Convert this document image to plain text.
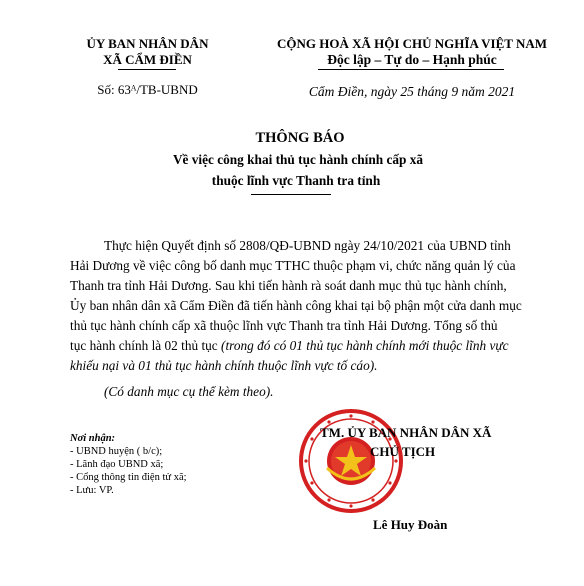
ỦY BAN NHÂN DÂN
XÃ CẨM ĐIỀN
Số: 63ᴬ/TB-UBND
CỘNG HOÀ XÃ HỘI CHỦ NGHĨA VIỆT NAM
Độc lập – Tự do – Hạnh phúc
Cẩm Điền, ngày 25 tháng 9 năm 2021
THÔNG BÁO
Về việc công khai thủ tục hành chính cấp xã
thuộc lĩnh vực Thanh tra tỉnh
Thực hiện Quyết định số 2808/QĐ-UBND ngày 24/10/2021 của UBND tỉnh
Hải Dương về việc công bố danh mục TTHC thuộc phạm vi, chức năng quản lý của
Thanh tra tỉnh Hải Dương. Sau khi tiến hành rà soát danh mục thủ tục hành chính,
Ủy ban nhân dân xã Cẩm Điền đã tiến hành công khai tại bộ phận một cửa danh mục
thủ tục hành chính cấp xã thuộc lĩnh vực Thanh tra tỉnh Hải Dương. Tổng số thủ
tục hành chính là 02 thủ tục (trong đó có 01 thủ tục hành chính mới thuộc lĩnh vực
khiếu nại và 01 thủ tục hành chính thuộc lĩnh vực tố cáo).
(Có danh mục cụ thể kèm theo).
Nơi nhận:
- UBND huyện ( b/c);
- Lãnh đạo UBND xã;
- Cổng thông tin điện tử xã;
- Lưu: VP.
TM. ỦY BAN NHÂN DÂN XÃ
CHỦ TỊCH
Lê Huy Đoàn
